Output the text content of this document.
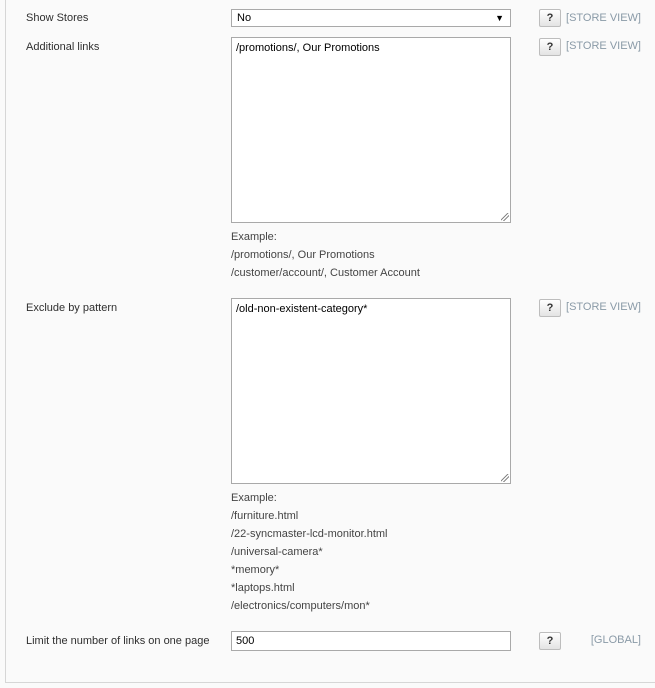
Show Stores	No	▼	?	[STORE VIEW]
Additional links	/promotions/, Our Promotions	?	[STORE VIEW]
Example:
/promotions/, Our Promotions
/customer/account/, Customer Account
Exclude by pattern	/old-non-existent-category*	?	[STORE VIEW]
Example:
/furniture.html
/22-syncmaster-lcd-monitor.html
/universal-camera*
*memory*
*laptops.html
/electronics/computers/mon*
Limit the number of links on one page	500	?	[GLOBAL]
